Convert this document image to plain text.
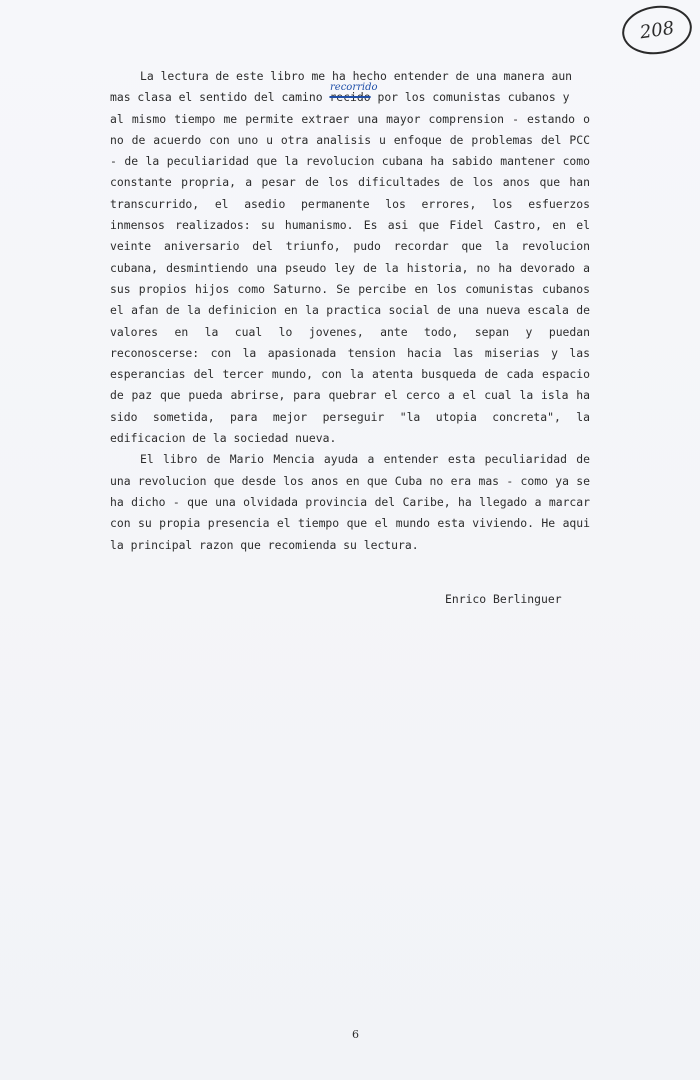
208
recorrido

La lectura de este libro me ha hecho entender de una manera aun

mas clasa el sentido del camino recido por los comunistas cubanos y

al mismo tiempo me permite extraer una mayor comprension - estando o no de acuerdo con uno u otra analisis u enfoque de problemas del PCC - de la peculiaridad que la revolucion cubana ha sabido mantener como constante propria, a pesar de los dificultades de los anos que han transcurrido, el asedio permanente los errores, los esfuerzos inmensos realizados: su humanismo. Es asi que Fidel Castro, en el veinte aniversario del triunfo, pudo recordar que la revolucion cubana, desmintiendo una pseudo ley de la historia, no ha devorado a sus propios hijos como Saturno. Se percibe en los comunistas cubanos el afan de la definicion en la practica social de una nueva escala de valores en la cual lo jovenes, ante todo, sepan y puedan reconoscerse: con la apasionada tension hacia las miserias y las esperancias del tercer mundo, con la atenta busqueda de cada espacio de paz que pueda abrirse, para quebrar el cerco a el cual la isla ha sido sometida, para mejor perseguir "la utopia concreta", la edificacion de la sociedad nueva.

El libro de Mario Mencia ayuda a entender esta peculiaridad de una revolucion que desde los anos en que Cuba no era mas - como ya se ha dicho - que una olvidada provincia del Caribe, ha llegado a marcar con su propia presencia el tiempo que el mundo esta viviendo. He aqui la principal razon que recomienda su lectura.

Enrico Berlinguer
6
